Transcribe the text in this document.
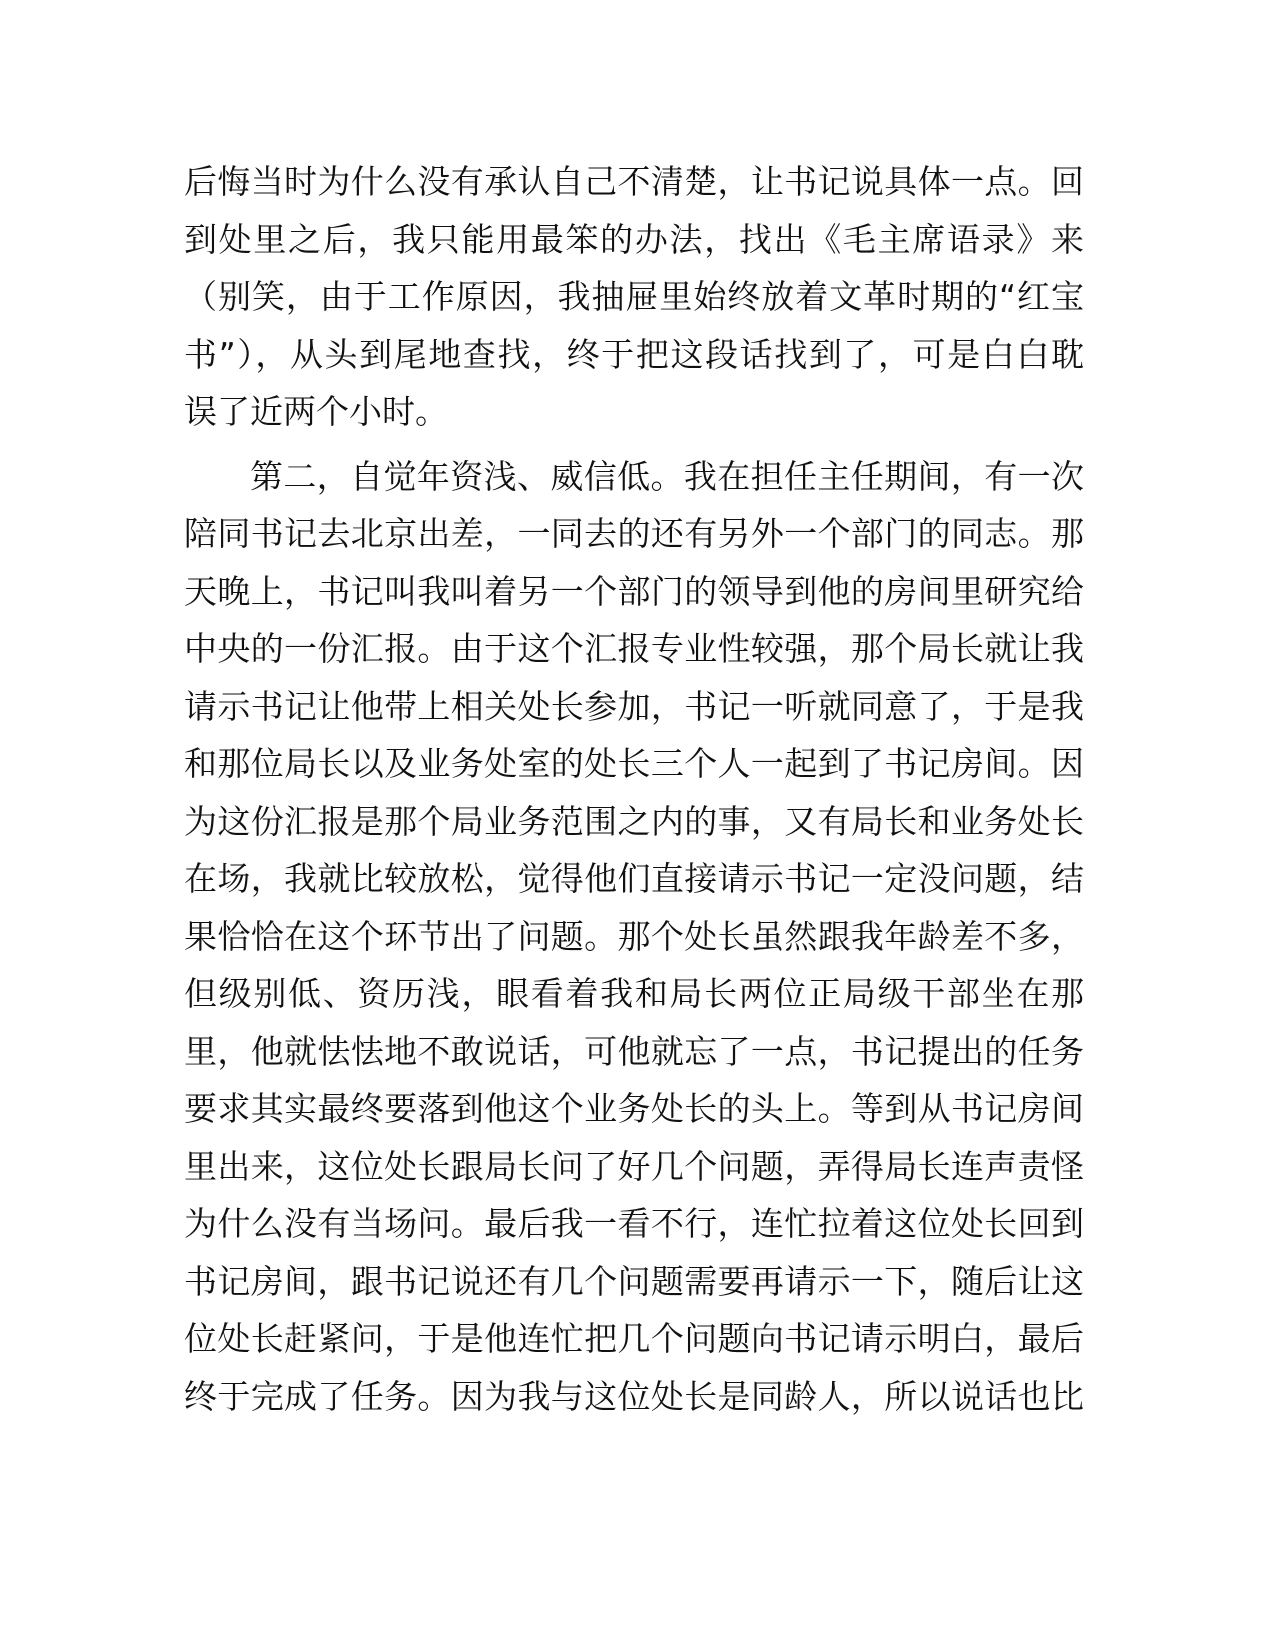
后悔当时为什么没有承认自己不清楚，让书记说具体一点。回
到处里之后，我只能用最笨的办法，找出《毛主席语录》来
（别笑，由于工作原因，我抽屉里始终放着文革时期的“红宝
书”），从头到尾地查找，终于把这段话找到了，可是白白耽
误了近两个小时。

第二，自觉年资浅、威信低。我在担任主任期间，有一次
陪同书记去北京出差，一同去的还有另外一个部门的同志。那
天晚上，书记叫我叫着另一个部门的领导到他的房间里研究给
中央的一份汇报。由于这个汇报专业性较强，那个局长就让我
请示书记让他带上相关处长参加，书记一听就同意了，于是我
和那位局长以及业务处室的处长三个人一起到了书记房间。因
为这份汇报是那个局业务范围之内的事，又有局长和业务处长
在场，我就比较放松，觉得他们直接请示书记一定没问题，结
果恰恰在这个环节出了问题。那个处长虽然跟我年龄差不多，
但级别低、资历浅，眼看着我和局长两位正局级干部坐在那
里，他就怯怯地不敢说话，可他就忘了一点，书记提出的任务
要求其实最终要落到他这个业务处长的头上。等到从书记房间
里出来，这位处长跟局长问了好几个问题，弄得局长连声责怪
为什么没有当场问。最后我一看不行，连忙拉着这位处长回到
书记房间，跟书记说还有几个问题需要再请示一下，随后让这
位处长赶紧问，于是他连忙把几个问题向书记请示明白，最后
终于完成了任务。因为我与这位处长是同龄人，所以说话也比
